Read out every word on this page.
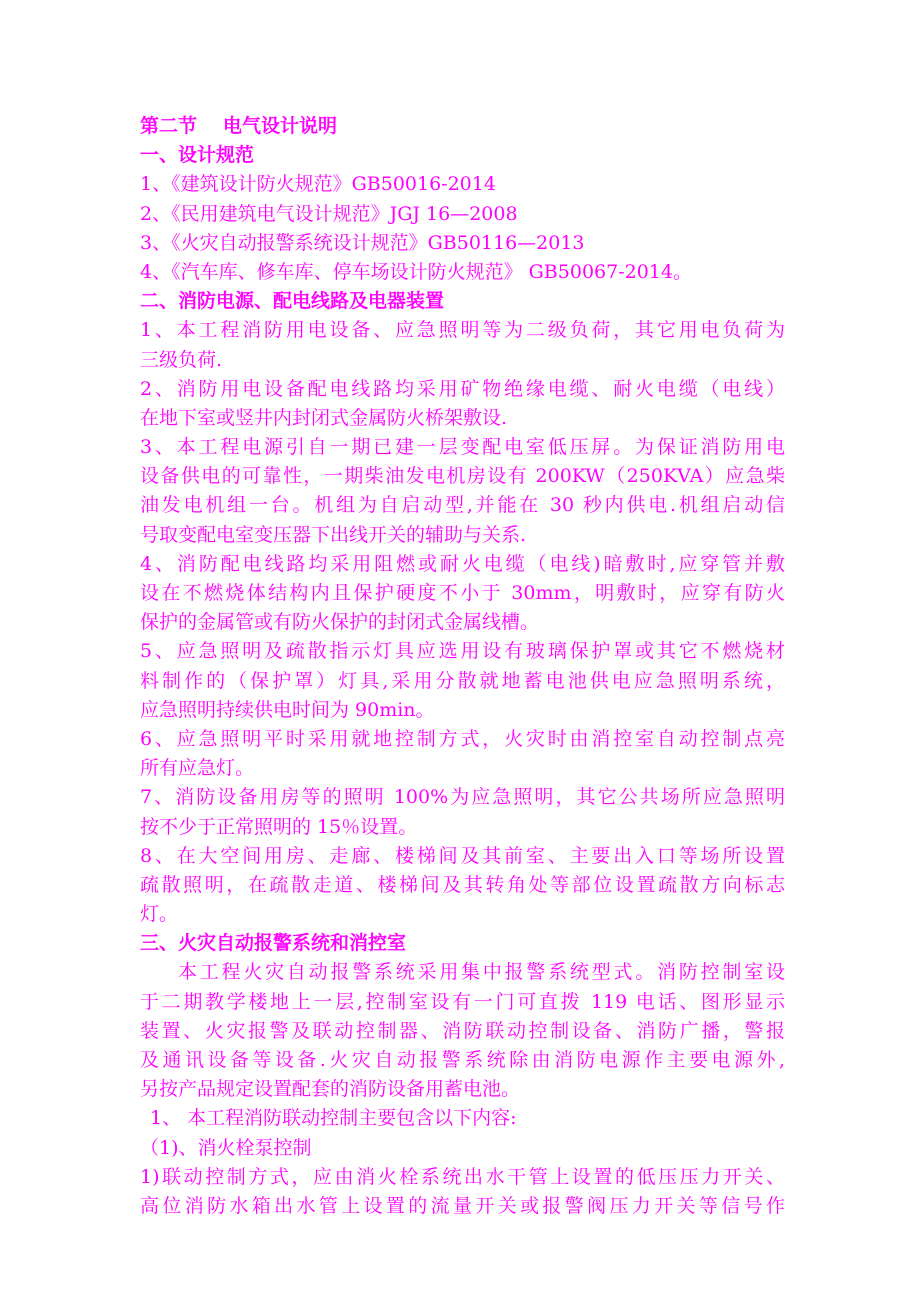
第二节 电气设计说明
一、设计规范
1、《建筑设计防火规范》GB50016-2014
2、《民用建筑电气设计规范》JGJ 16—2008
3、《火灾自动报警系统设计规范》GB50116—2013
4、《汽车库、修车库、停车场设计防火规范》 GB50067-2014。
二、消防电源、配电线路及电器装置
1、本工程消防用电设备、应急照明等为二级负荷，其它用电负荷为
三级负荷.
2、消防用电设备配电线路均采用矿物绝缘电缆、耐火电缆（电线）
在地下室或竖井内封闭式金属防火桥架敷设.
3、本工程电源引自一期已建一层变配电室低压屏。为保证消防用电
设备供电的可靠性，一期柴油发电机房设有 200KW（250KVA）应急柴
油发电机组一台。机组为自启动型,并能在 30 秒内供电.机组启动信
号取变配电室变压器下出线开关的辅助与关系.
4、消防配电线路均采用阻燃或耐火电缆（电线)暗敷时,应穿管并敷
设在不燃烧体结构内且保护硬度不小于 30mm，明敷时，应穿有防火
保护的金属管或有防火保护的封闭式金属线槽。
5、应急照明及疏散指示灯具应选用设有玻璃保护罩或其它不燃烧材
料制作的（保护罩）灯具,采用分散就地蓄电池供电应急照明系统，
应急照明持续供电时间为 90min。
6、应急照明平时采用就地控制方式，火灾时由消控室自动控制点亮
所有应急灯。
7、消防设备用房等的照明 100%为应急照明，其它公共场所应急照明
按不少于正常照明的 15％设置。
8、在大空间用房、走廊、楼梯间及其前室、主要出入口等场所设置
疏散照明，在疏散走道、楼梯间及其转角处等部位设置疏散方向标志
灯。
三、火灾自动报警系统和消控室
本工程火灾自动报警系统采用集中报警系统型式。消防控制室设
于二期教学楼地上一层,控制室设有一门可直拨 119 电话、图形显示
装置、火灾报警及联动控制器、消防联动控制设备、消防广播，警报
及通讯设备等设备.火灾自动报警系统除由消防电源作主要电源外,
另按产品规定设置配套的消防设备用蓄电池。
1、 本工程消防联动控制主要包含以下内容:
（1)、消火栓泵控制
1)联动控制方式，应由消火栓系统出水干管上设置的低压压力开关、
高位消防水箱出水管上设置的流量开关或报警阀压力开关等信号作
